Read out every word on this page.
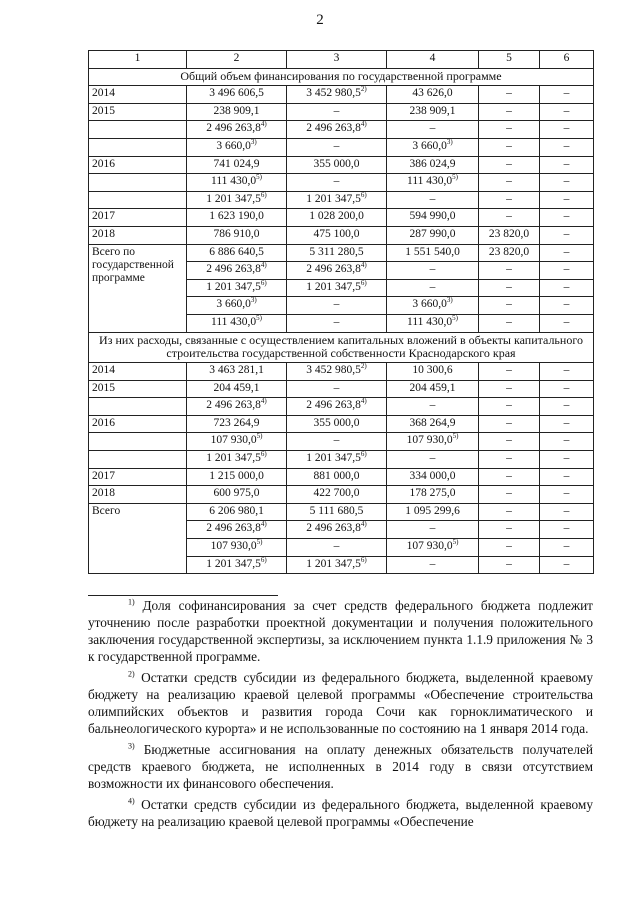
2
1	2	3	4	5	6
Общий объем финансирования по государственной программе					
2014	3 496 606,5	3 452 980,5$^{2)}$	43 626,0	–	–
2015	238 909,1	–	238 909,1	–	–
	2 496 263,8$^{4)}$	2 496 263,8$^{4)}$	–	–	–
	3 660,0$^{3)}$	–	3 660,0$^{3)}$	–	–
2016	741 024,9	355 000,0	386 024,9	–	–
	111 430,0$^{5)}$	–	111 430,0$^{5)}$	–	–
	1 201 347,5$^{6)}$	1 201 347,5$^{6)}$	–	–	–
2017	1 623 190,0	1 028 200,0	594 990,0	–	–
2018	786 910,0	475 100,0	287 990,0	23 820,0	–
Всего по государственной программе	6 886 640,5	5 311 280,5	1 551 540,0	23 820,0	–
	2 496 263,8$^{4)}$	2 496 263,8$^{4)}$	–	–	–
	1 201 347,5$^{6)}$	1 201 347,5$^{6)}$	–	–	–
	3 660,0$^{3)}$	–	3 660,0$^{3)}$	–	–
	111 430,0$^{5)}$	–	111 430,0$^{5)}$	–	–
Из них расходы, связанные с осуществлением капитальных вложений в объекты капитального строительства государственной собственности Краснодарского края					
2014	3 463 281,1	3 452 980,5$^{2)}$	10 300,6	–	–
2015	204 459,1	–	204 459,1	–	–
	2 496 263,8$^{4)}$	2 496 263,8$^{4)}$	–	–	–
2016	723 264,9	355 000,0	368 264,9	–	–
	107 930,0$^{5)}$	–	107 930,0$^{5)}$	–	–
	1 201 347,5$^{6)}$	1 201 347,5$^{6)}$	–	–	–
2017	1 215 000,0	881 000,0	334 000,0	–	–
2018	600 975,0	422 700,0	178 275,0	–	–
Всего	6 206 980,1	5 111 680,5	1 095 299,6	–	–
	2 496 263,8$^{4)}$	2 496 263,8$^{4)}$	–	–	–
	107 930,0$^{5)}$	–	107 930,0$^{5)}$	–	–
	1 201 347,5$^{6)}$	1 201 347,5$^{6)}$	–	–	–

$^{1)}$ Доля софинансирования за счет средств федерального бюджета подлежит уточнению после разработки проектной документации и получения положительного заключения государственной экспертизы, за исключением пункта 1.1.9 приложения № 3 к государственной программе.

$^{2)}$ Остатки средств субсидии из федерального бюджета, выделенной краевому бюджету на реализацию краевой целевой программы «Обеспечение строительства олимпийских объектов и развития города Сочи как горноклиматического и бальнеологического курорта» и не использованные по состоянию на 1 января 2014 года.

$^{3)}$ Бюджетные ассигнования на оплату денежных обязательств получателей средств краевого бюджета, не исполненных в 2014 году в связи отсутствием возможности их финансового обеспечения.

$^{4)}$ Остатки средств субсидии из федерального бюджета, выделенной краевому бюджету на реализацию краевой целевой программы «Обеспечение
